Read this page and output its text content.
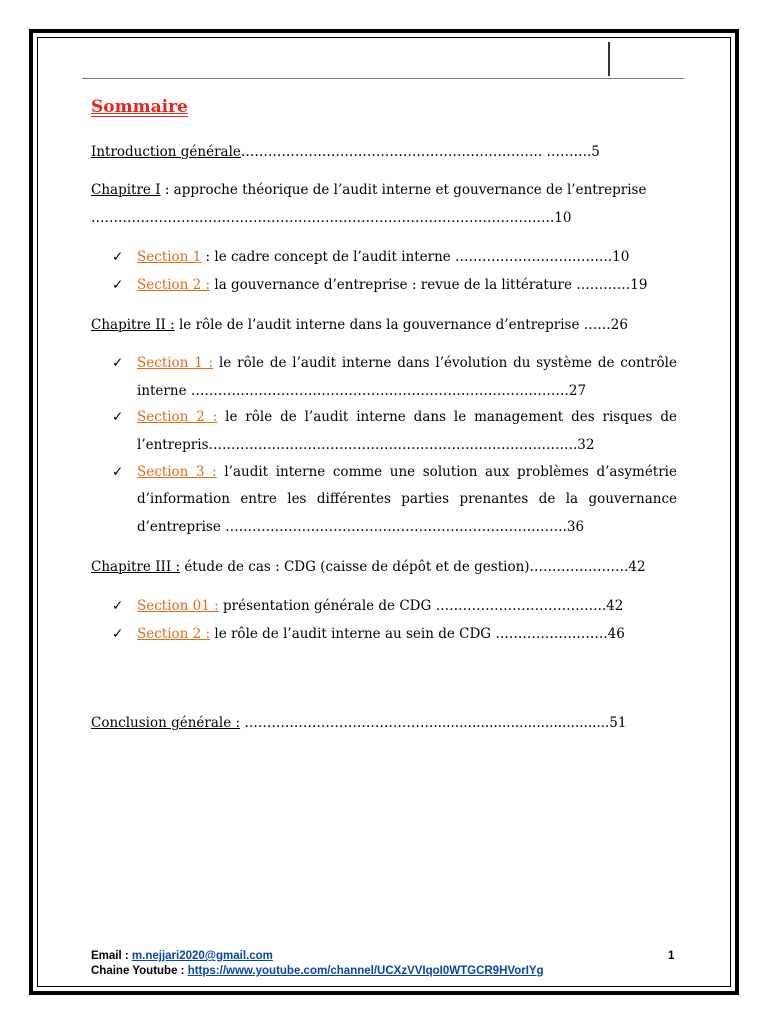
Sommaire
Introduction générale…………………………………………………………. ……….5
Chapitre I : approche théorique de l’audit interne et gouvernance de l’entreprise
………………………………………………………………………………………….10
✓ Section 1 : le cadre concept de l’audit interne ……………………………..10
✓ Section 2 : la gouvernance d’entreprise : revue de la littérature …………19
Chapitre II : le rôle de l’audit interne dans la gouvernance d’entreprise ……26
✓ Section 1 : le rôle de l’audit interne dans l’évolution du système de contrôle
interne …………………………………………………………………………27
✓ Section 2 : le rôle de l’audit interne dans le management des risques de
l’entrepris……………………………………………………………………….32
✓ Section 3 : l’audit interne comme une solution aux problèmes d’asymétrie
d’information entre les différentes parties prenantes de la gouvernance
d’entreprise ………………………………………………………………….36
Chapitre III : étude de cas : CDG (caisse de dépôt et de gestion)………………….42
✓ Section 01 : présentation générale de CDG ………………………………..42
✓ Section 2 : le rôle de l’audit interne au sein de CDG …………………….46
Conclusion générale : …………………………………….........................................51
Email : m.nejjari2020@gmail.com
Chaine Youtube : https://www.youtube.com/channel/UCXzVVIqoI0WTGCR9HVorIYg
1
